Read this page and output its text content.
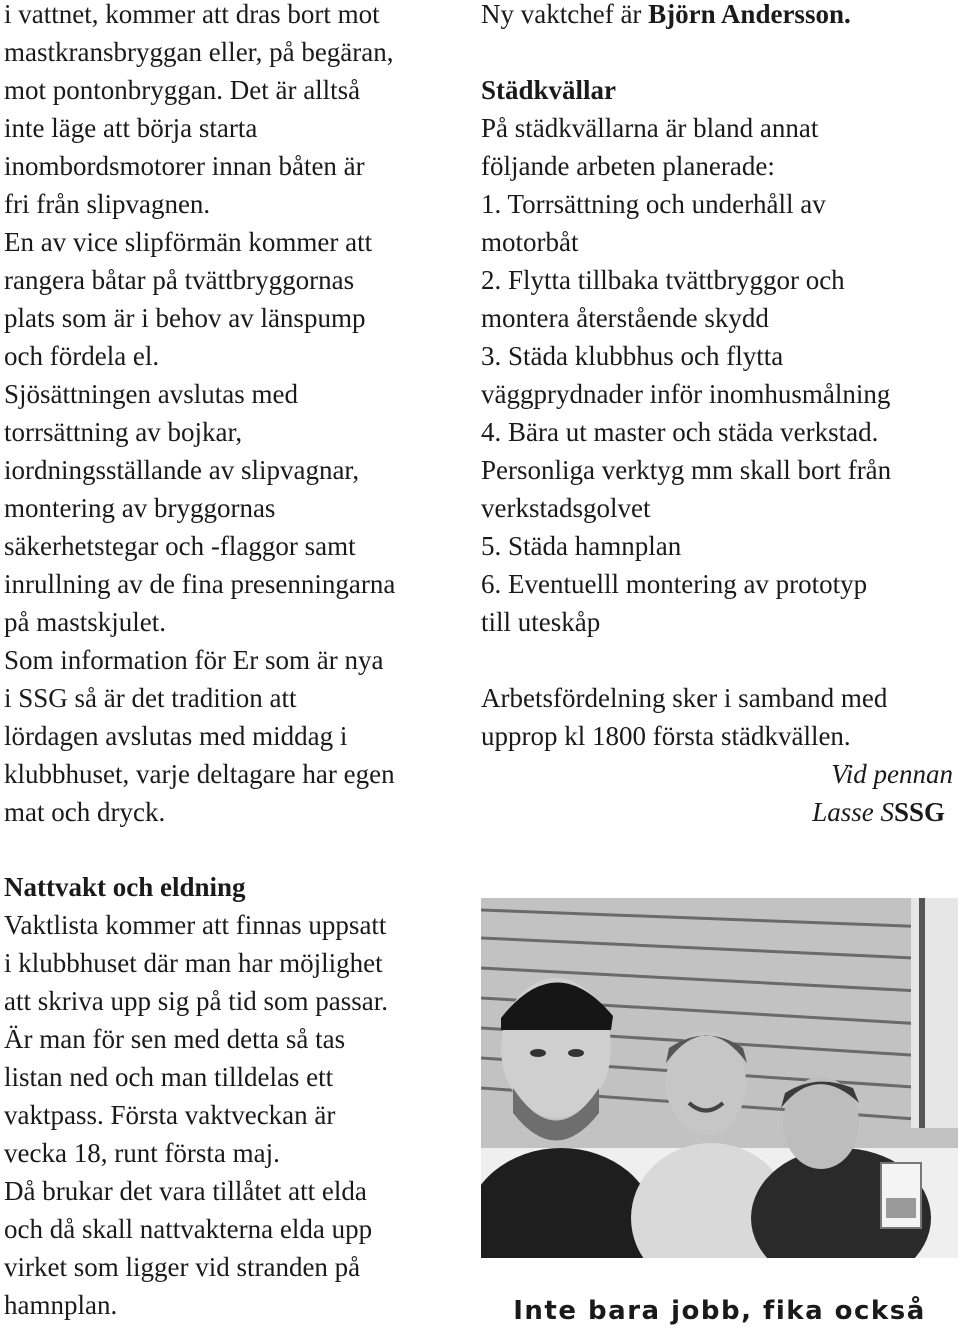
i vattnet, kommer att dras bort mot
mastkransbryggan eller, på begäran,
mot pontonbryggan. Det är alltså
inte läge att börja starta
inombordsmotorer innan båten är
fri från slipvagnen.
En av vice slipförmän kommer att
rangera båtar på tvättbryggornas
plats som är i behov av länspump
och fördela el.
Sjösättningen avslutas med
torrsättning av bojkar,
iordningsställande av slipvagnar,
montering av bryggornas
säkerhetstegar och -flaggor samt
inrullning av de fina presenningarna
på mastskjulet.
Som information för Er som är nya
i SSG så är det tradition att
lördagen avslutas med middag i
klubbhuset, varje deltagare har egen
mat och dryck.
Ny vaktchef är Björn Andersson.
Städkvällar
På städkvällarna är bland annat
följande arbeten planerade:
1. Torrsättning och underhåll av
motorbåt
2. Flytta tillbaka tvättbryggor och
montera återstående skydd
3. Städa klubbhus och flytta
väggprydnader inför inomhusmålning
4. Bära ut master och städa verkstad.
Personliga verktyg mm skall bort från
verkstadsgolvet
5. Städa hamnplan
6. Eventuelll montering av prototyp
till uteskåp
Arbetsfördelning sker i samband med
upprop kl 1800 första städkvällen.
Vid pennan
Lasse SSSG
Nattvakt och eldning
Vaktlista kommer att finnas uppsatt
i klubbhuset där man har möjlighet
att skriva upp sig på tid som passar.
Är man för sen med detta så tas
listan ned och man tilldelas ett
vaktpass. Första vaktveckan är
vecka 18, runt första maj.
Då brukar det vara tillåtet att elda
och då skall nattvakterna elda upp
virket som ligger vid stranden på
hamnplan.	Inte bara jobb, fika också
